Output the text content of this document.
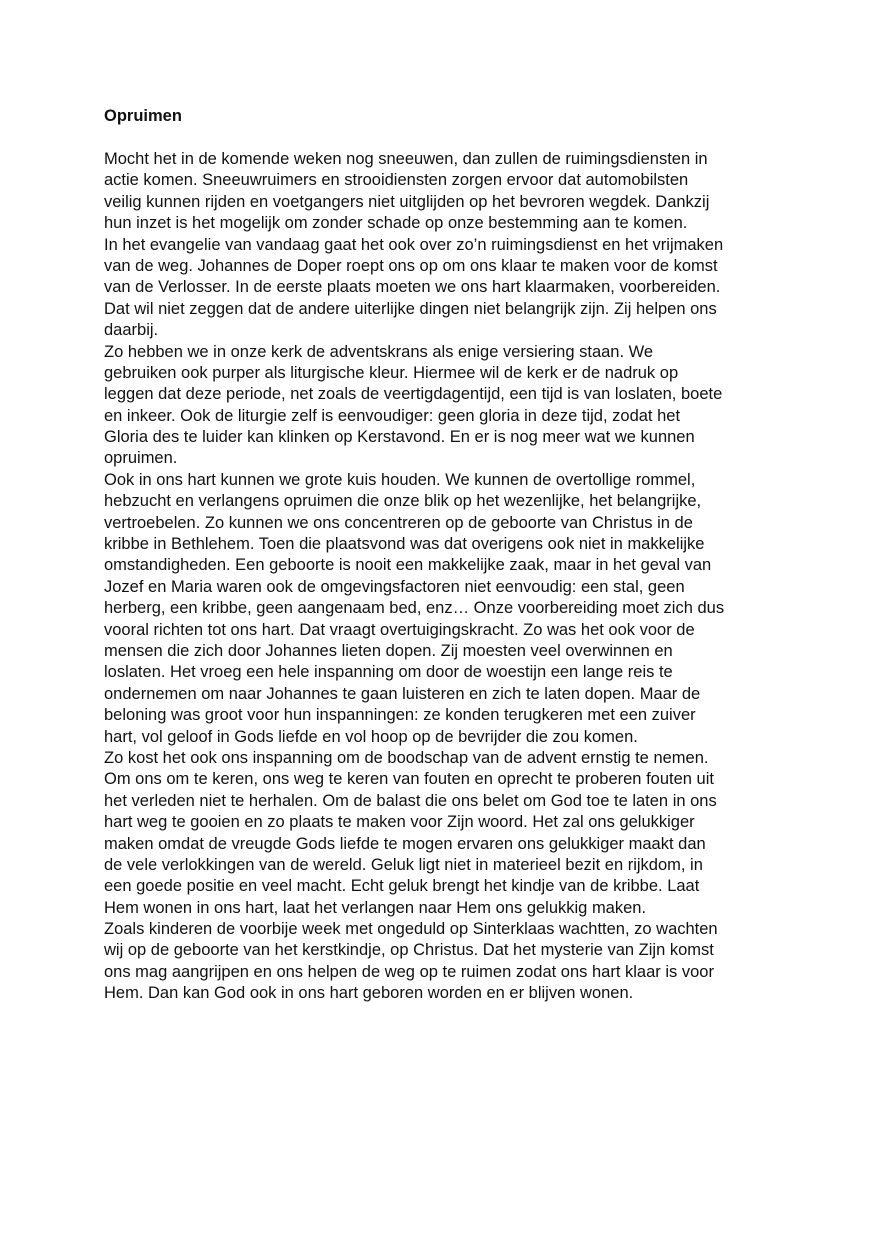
Opruimen
Mocht het in de komende weken nog sneeuwen, dan zullen de ruimingsdiensten in
actie komen. Sneeuwruimers en strooidiensten zorgen ervoor dat automobilsten
veilig kunnen rijden en voetgangers niet uitglijden op het bevroren wegdek. Dankzij
hun inzet is het mogelijk om zonder schade op onze bestemming aan te komen.
In het evangelie van vandaag gaat het ook over zo’n ruimingsdienst en het vrijmaken
van de weg. Johannes de Doper roept ons op om ons klaar te maken voor de komst
van de Verlosser. In de eerste plaats moeten we ons hart klaarmaken, voorbereiden.
Dat wil niet zeggen dat de andere uiterlijke dingen niet belangrijk zijn. Zij helpen ons
daarbij.
Zo hebben we in onze kerk de adventskrans als enige versiering staan. We
gebruiken ook purper als liturgische kleur. Hiermee wil de kerk er de nadruk op
leggen dat deze periode, net zoals de veertigdagentijd, een tijd is van loslaten, boete
en inkeer. Ook de liturgie zelf is eenvoudiger: geen gloria in deze tijd, zodat het
Gloria des te luider kan klinken op Kerstavond. En er is nog meer wat we kunnen
opruimen.
Ook in ons hart kunnen we grote kuis houden. We kunnen de overtollige rommel,
hebzucht en verlangens opruimen die onze blik op het wezenlijke, het belangrijke,
vertroebelen. Zo kunnen we ons concentreren op de geboorte van Christus in de
kribbe in Bethlehem. Toen die plaatsvond was dat overigens ook niet in makkelijke
omstandigheden. Een geboorte is nooit een makkelijke zaak, maar in het geval van
Jozef en Maria waren ook de omgevingsfactoren niet eenvoudig: een stal, geen
herberg, een kribbe, geen aangenaam bed, enz… Onze voorbereiding moet zich dus
vooral richten tot ons hart. Dat vraagt overtuigingskracht. Zo was het ook voor de
mensen die zich door Johannes lieten dopen. Zij moesten veel overwinnen en
loslaten. Het vroeg een hele inspanning om door de woestijn een lange reis te
ondernemen om naar Johannes te gaan luisteren en zich te laten dopen. Maar de
beloning was groot voor hun inspanningen: ze konden terugkeren met een zuiver
hart, vol geloof in Gods liefde en vol hoop op de bevrijder die zou komen.
Zo kost het ook ons inspanning om de boodschap van de advent ernstig te nemen.
Om ons om te keren, ons weg te keren van fouten en oprecht te proberen fouten uit
het verleden niet te herhalen. Om de balast die ons belet om God toe te laten in ons
hart weg te gooien en zo plaats te maken voor Zijn woord. Het zal ons gelukkiger
maken omdat de vreugde Gods liefde te mogen ervaren ons gelukkiger maakt dan
de vele verlokkingen van de wereld. Geluk ligt niet in materieel bezit en rijkdom, in
een goede positie en veel macht. Echt geluk brengt het kindje van de kribbe. Laat
Hem wonen in ons hart, laat het verlangen naar Hem ons gelukkig maken.
Zoals kinderen de voorbije week met ongeduld op Sinterklaas wachtten, zo wachten
wij op de geboorte van het kerstkindje, op Christus. Dat het mysterie van Zijn komst
ons mag aangrijpen en ons helpen de weg op te ruimen zodat ons hart klaar is voor
Hem. Dan kan God ook in ons hart geboren worden en er blijven wonen.
